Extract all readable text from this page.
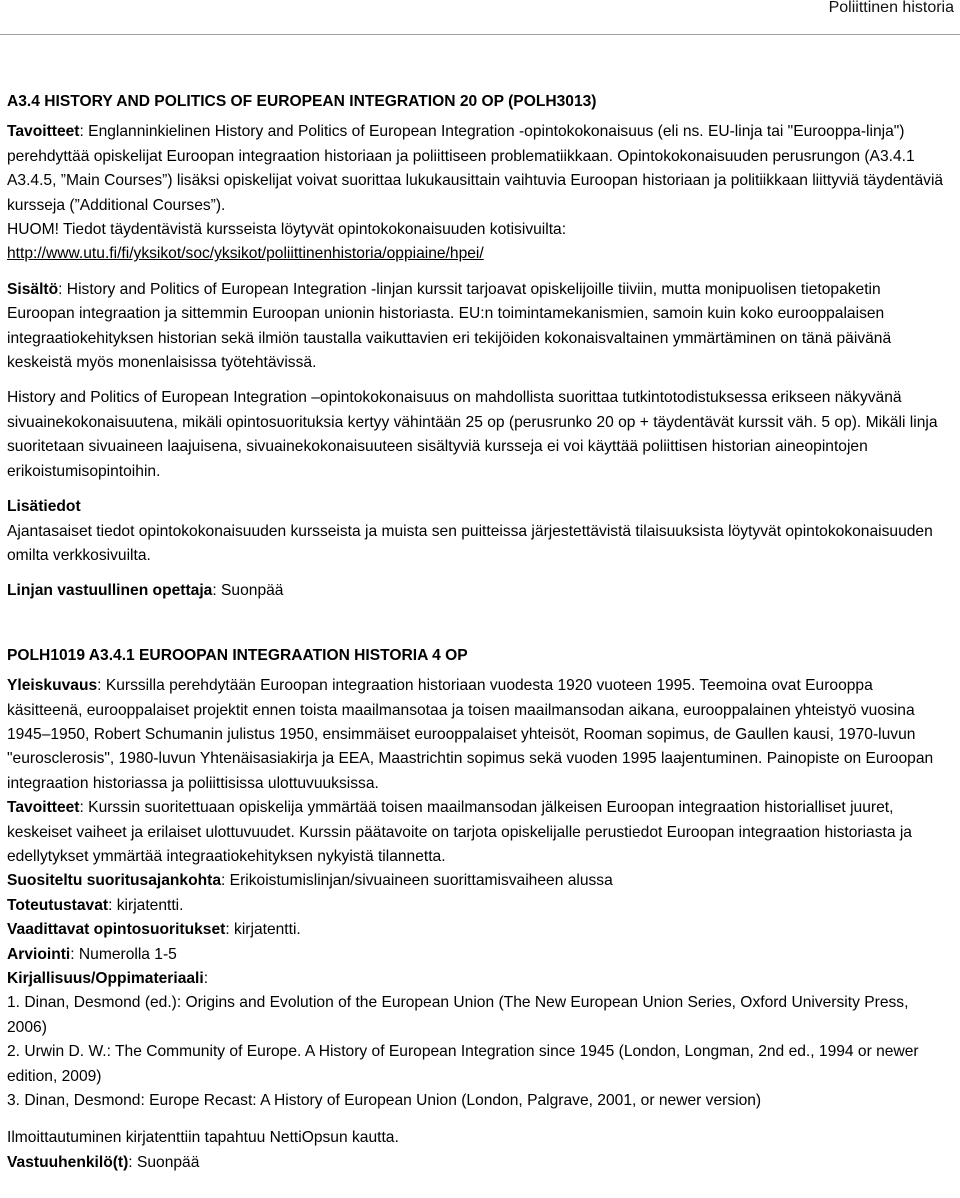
Poliittinen historia

A3.4 HISTORY AND POLITICS OF EUROPEAN INTEGRATION 20 OP (POLH3013)

Tavoitteet: Englanninkielinen History and Politics of European Integration -opintokokonaisuus (eli ns. EU-linja tai "Eurooppa-linja") perehdyttää opiskelijat Euroopan integraation historiaan ja poliittiseen problematiikkaan. Opintokokonaisuuden perusrungon (A3.4.1 A3.4.5, ”Main Courses”) lisäksi opiskelijat voivat suorittaa lukukausittain vaihtuvia Euroopan historiaan ja politiikkaan liittyviä täydentäviä kursseja (”Additional Courses”).

HUOM! Tiedot täydentävistä kursseista löytyvät opintokokonaisuuden kotisivuilta:
http://www.utu.fi/fi/yksikot/soc/yksikot/poliittinenhistoria/oppiaine/hpei/

Sisältö: History and Politics of European Integration -linjan kurssit tarjoavat opiskelijoille tiiviin, mutta monipuolisen tietopaketin Euroopan integraation ja sittemmin Euroopan unionin historiasta. EU:n toimintamekanismien, samoin kuin koko eurooppalaisen integraatiokehityksen historian sekä ilmiön taustalla vaikuttavien eri tekijöiden kokonaisvaltainen ymmärtäminen on tänä päivänä keskeistä myös monenlaisissa työtehtävissä.

History and Politics of European Integration –opintokokonaisuus on mahdollista suorittaa tutkintotodistuksessa erikseen näkyvänä sivuainekokonaisuutena, mikäli opintosuorituksia kertyy vähintään 25 op (perusrunko 20 op + täydentävät kurssit väh. 5 op). Mikäli linja suoritetaan sivuaineen laajuisena, sivuainekokonaisuuteen sisältyviä kursseja ei voi käyttää poliittisen historian aineopintojen erikoistumisopintoihin.

Lisätiedot

Ajantasaiset tiedot opintokokonaisuuden kursseista ja muista sen puitteissa järjestettävistä tilaisuuksista löytyvät opintokokonaisuuden omilta verkkosivuilta.

Linjan vastuullinen opettaja: Suonpää

POLH1019 A3.4.1 EUROOPAN INTEGRAATION HISTORIA 4 OP

Yleiskuvaus: Kurssilla perehdytään Euroopan integraation historiaan vuodesta 1920 vuoteen 1995. Teemoina ovat Eurooppa käsitteenä, eurooppalaiset projektit ennen toista maailmansotaa ja toisen maailmansodan aikana, eurooppalainen yhteistyö vuosina 1945–1950, Robert Schumanin julistus 1950, ensimmäiset eurooppalaiset yhteisöt, Rooman sopimus, de Gaullen kausi, 1970-luvun "eurosclerosis", 1980-luvun Yhtenäisasiakirja ja EEA, Maastrichtin sopimus sekä vuoden 1995 laajentuminen. Painopiste on Euroopan integraation historiassa ja poliittisissa ulottuvuuksissa.

Tavoitteet: Kurssin suoritettuaan opiskelija ymmärtää toisen maailmansodan jälkeisen Euroopan integraation historialliset juuret, keskeiset vaiheet ja erilaiset ulottuvuudet. Kurssin päätavoite on tarjota opiskelijalle perustiedot Euroopan integraation historiasta ja edellytykset ymmärtää integraatiokehityksen nykyistä tilannetta.

Suositeltu suoritusajankohta: Erikoistumislinjan/sivuaineen suorittamisvaiheen alussa

Toteutustavat: kirjatentti.

Vaadittavat opintosuoritukset: kirjatentti.

Arviointi: Numerolla 1-5

Kirjallisuus/Oppimateriaali:

1. Dinan, Desmond (ed.): Origins and Evolution of the European Union (The New European Union Series, Oxford University Press, 2006)

2. Urwin D. W.: The Community of Europe. A History of European Integration since 1945 (London, Longman, 2nd ed., 1994 or newer edition, 2009)

3. Dinan, Desmond: Europe Recast: A History of European Union (London, Palgrave, 2001, or newer version)

Ilmoittautuminen kirjatenttiin tapahtuu NettiOpsun kautta.

Vastuuhenkilö(t): Suonpää
